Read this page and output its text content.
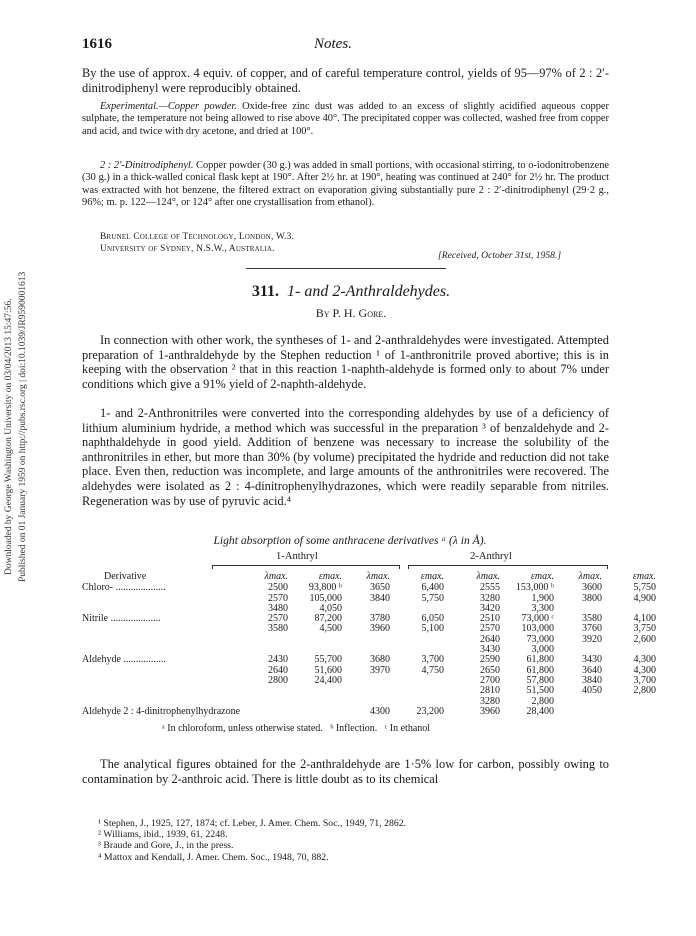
Downloaded by George Washington University on 03/04/2013 15:47:56. Published on 01 January 1959 on http://pubs.rsc.org | doi:10.1039/JR9590001613
1616	Notes.

By the use of approx. 4 equiv. of copper, and of careful temperature control, yields of 95—97% of 2 : 2′-dinitrodiphenyl were reproducibly obtained.

Experimental.—Copper powder. Oxide-free zinc dust was added to an excess of slightly acidified aqueous copper sulphate, the temperature not being allowed to rise above 40°. The precipitated copper was collected, washed free from copper and acid, and twice with dry acetone, and dried at 100°.

2 : 2′-Dinitrodiphenyl. Copper powder (30 g.) was added in small portions, with occasional stirring, to o-iodonitrobenzene (30 g.) in a thick-walled conical flask kept at 190°. After 2½ hr. at 190°, heating was continued at 240° for 2½ hr. The product was extracted with hot benzene, the filtered extract on evaporation giving substantially pure 2 : 2′-dinitrodiphenyl (29·2 g., 96%; m. p. 122—124°, or 124° after one crystallisation from ethanol).

Brunel College of Technology, London, W.3.
University of Sydney, N.S.W., Australia.
[Received, October 31st, 1958.]
311. 1- and 2-Anthraldehydes.
By P. H. Gore.

In connection with other work, the syntheses of 1- and 2-anthraldehydes were investigated. Attempted preparation of 1-anthraldehyde by the Stephen reduction ¹ of 1-anthronitrile proved abortive; this is in keeping with the observation ² that in this reaction 1-naphth-aldehyde is formed only to about 7% under conditions which give a 91% yield of 2-naphth-aldehyde.

1- and 2-Anthronitriles were converted into the corresponding aldehydes by use of a deficiency of lithium aluminium hydride, a method which was successful in the preparation ³ of benzaldehyde and 2-naphthaldehyde in good yield. Addition of benzene was necessary to increase the solubility of the anthronitriles in ether, but more than 30% (by volume) precipitated the hydride and reduction did not take place. Even then, reduction was incomplete, and large amounts of the anthronitriles were recovered. The aldehydes were isolated as 2 : 4-dinitrophenylhydrazones, which were readily separable from nitriles. Regeneration was by use of pyruvic acid.⁴

Light absorption of some anthracene derivatives ᵃ (λ in Å).
1-Anthryl	2-Anthryl
Derivative	λmax.	εmax.	λmax.	εmax.		λmax.	εmax.	λmax.	εmax.
Chloro- ....................	2500	93,800 ᵇ	3650	6,400		2555	153,000 ᵇ	3600	5,750
	2570	105,000	3840	5,750		3280	1,900	3800	4,900
	3480	4,050				3420	3,300		
Nitrile ....................	2570	87,200	3780	6,050		2510	73,000 ᶜ	3580	4,100
	3580	4,500	3960	5,100		2570	103,000	3760	3,750
						2640	73,000	3920	2,600
						3430	3,000		
Aldehyde .................	2430	55,700	3680	3,700		2590	61,800	3430	4,300
	2640	51,600	3970	4,750		2650	61,800	3640	4,300
	2800	24,400				2700	57,800	3840	3,700
						2810	51,500	4050	2,800
						3280	2,800		
Aldehyde 2 : 4-dinitrophenylhydrazone			4300	23,200		3960	28,400		
ᵃ In chloroform, unless otherwise stated.   ᵇ Inflection.   ᶜ In ethanol

The analytical figures obtained for the 2-anthraldehyde are 1·5% low for carbon, possibly owing to contamination by 2-anthroic acid. There is little doubt as to its chemical

¹ Stephen, J., 1925, 127, 1874; cf. Leber, J. Amer. Chem. Soc., 1949, 71, 2862.
² Williams, ibid., 1939, 61, 2248.
³ Braude and Gore, J., in the press.
⁴ Mattox and Kendall, J. Amer. Chem. Soc., 1948, 70, 882.
